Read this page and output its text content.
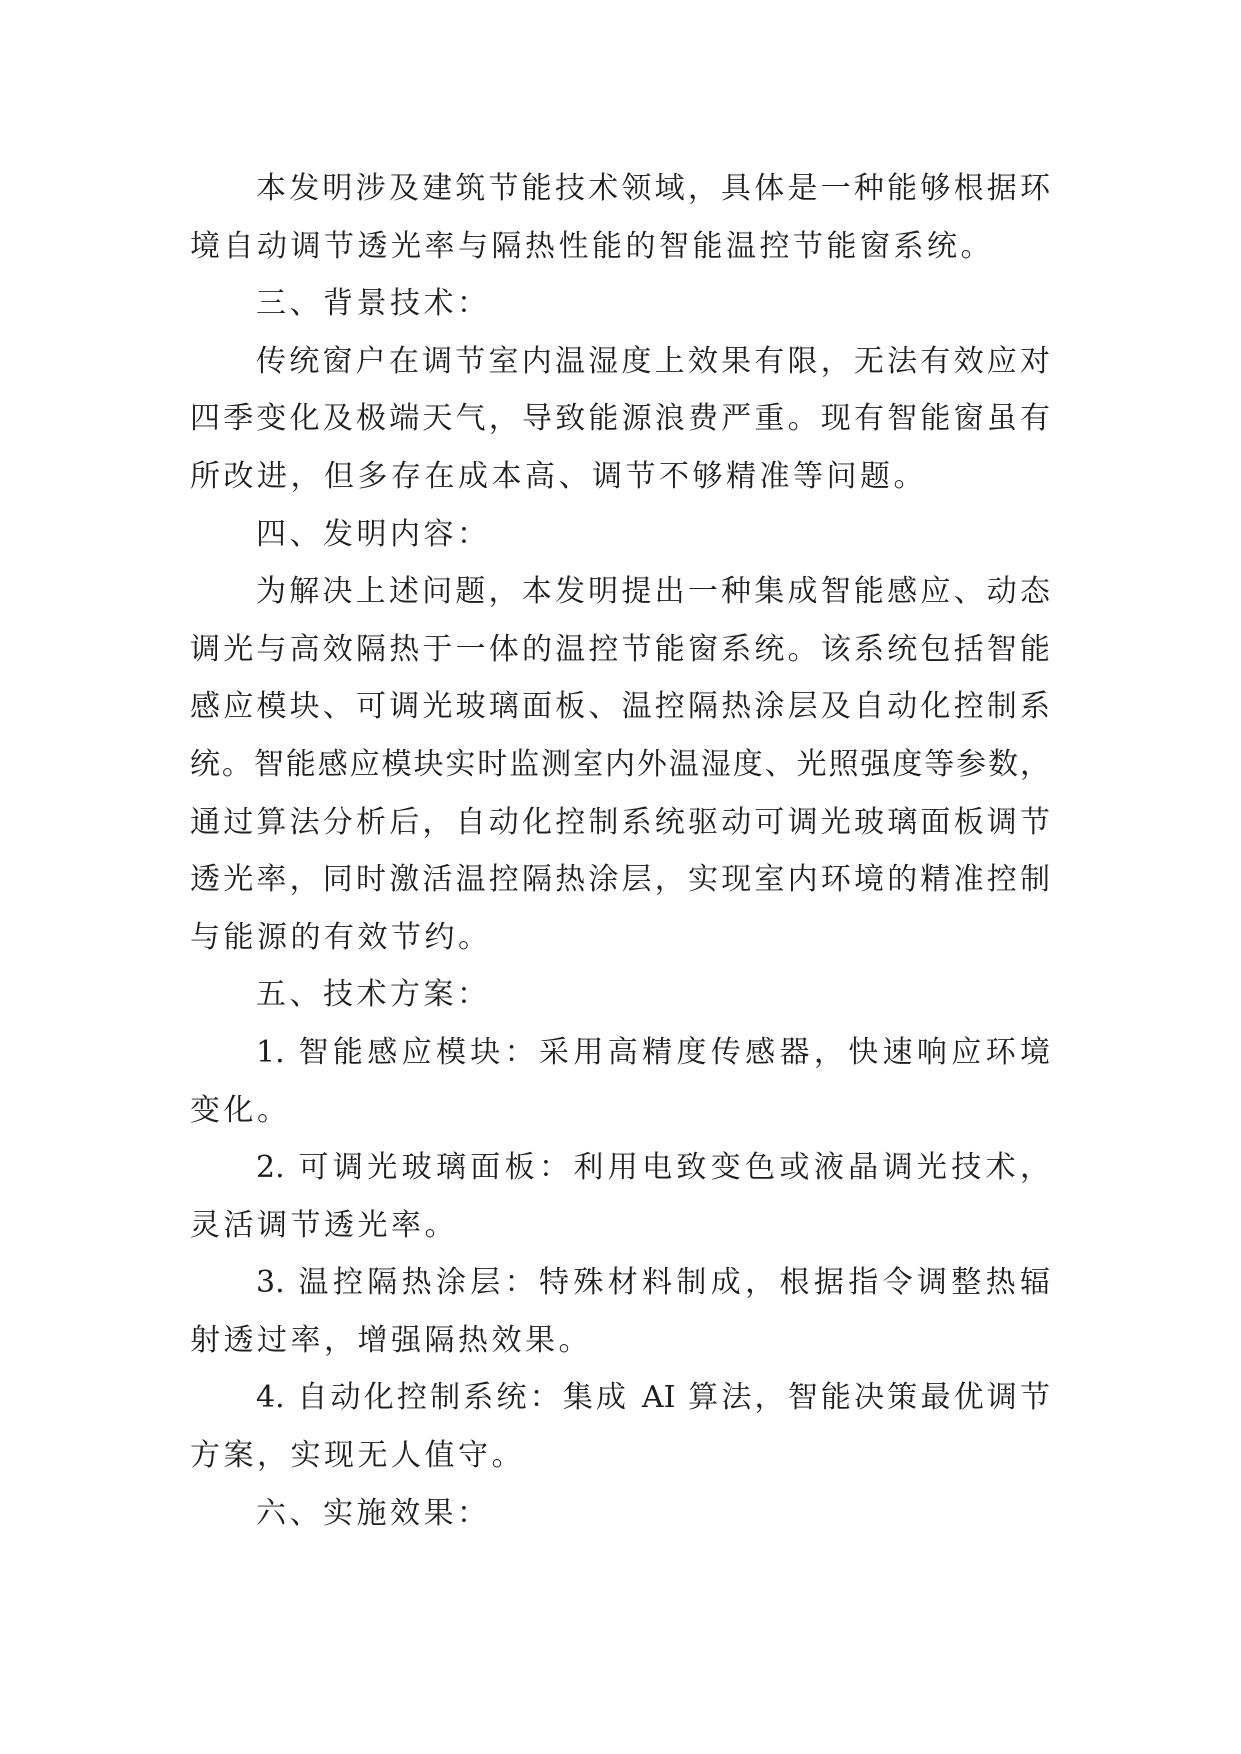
本发明涉及建筑节能技术领域，具体是一种能够根据环
境自动调节透光率与隔热性能的智能温控节能窗系统。
三、背景技术：
传统窗户在调节室内温湿度上效果有限，无法有效应对
四季变化及极端天气，导致能源浪费严重。现有智能窗虽有
所改进，但多存在成本高、调节不够精准等问题。
四、发明内容：
为解决上述问题，本发明提出一种集成智能感应、动态
调光与高效隔热于一体的温控节能窗系统。该系统包括智能
感应模块、可调光玻璃面板、温控隔热涂层及自动化控制系
统。智能感应模块实时监测室内外温湿度、光照强度等参数，
通过算法分析后，自动化控制系统驱动可调光玻璃面板调节
透光率，同时激活温控隔热涂层，实现室内环境的精准控制
与能源的有效节约。
五、技术方案：
1. 智能感应模块：采用高精度传感器，快速响应环境
变化。
2. 可调光玻璃面板：利用电致变色或液晶调光技术，
灵活调节透光率。
3. 温控隔热涂层：特殊材料制成，根据指令调整热辐
射透过率，增强隔热效果。
4. 自动化控制系统：集成 AI 算法，智能决策最优调节
方案，实现无人值守。
六、实施效果：
